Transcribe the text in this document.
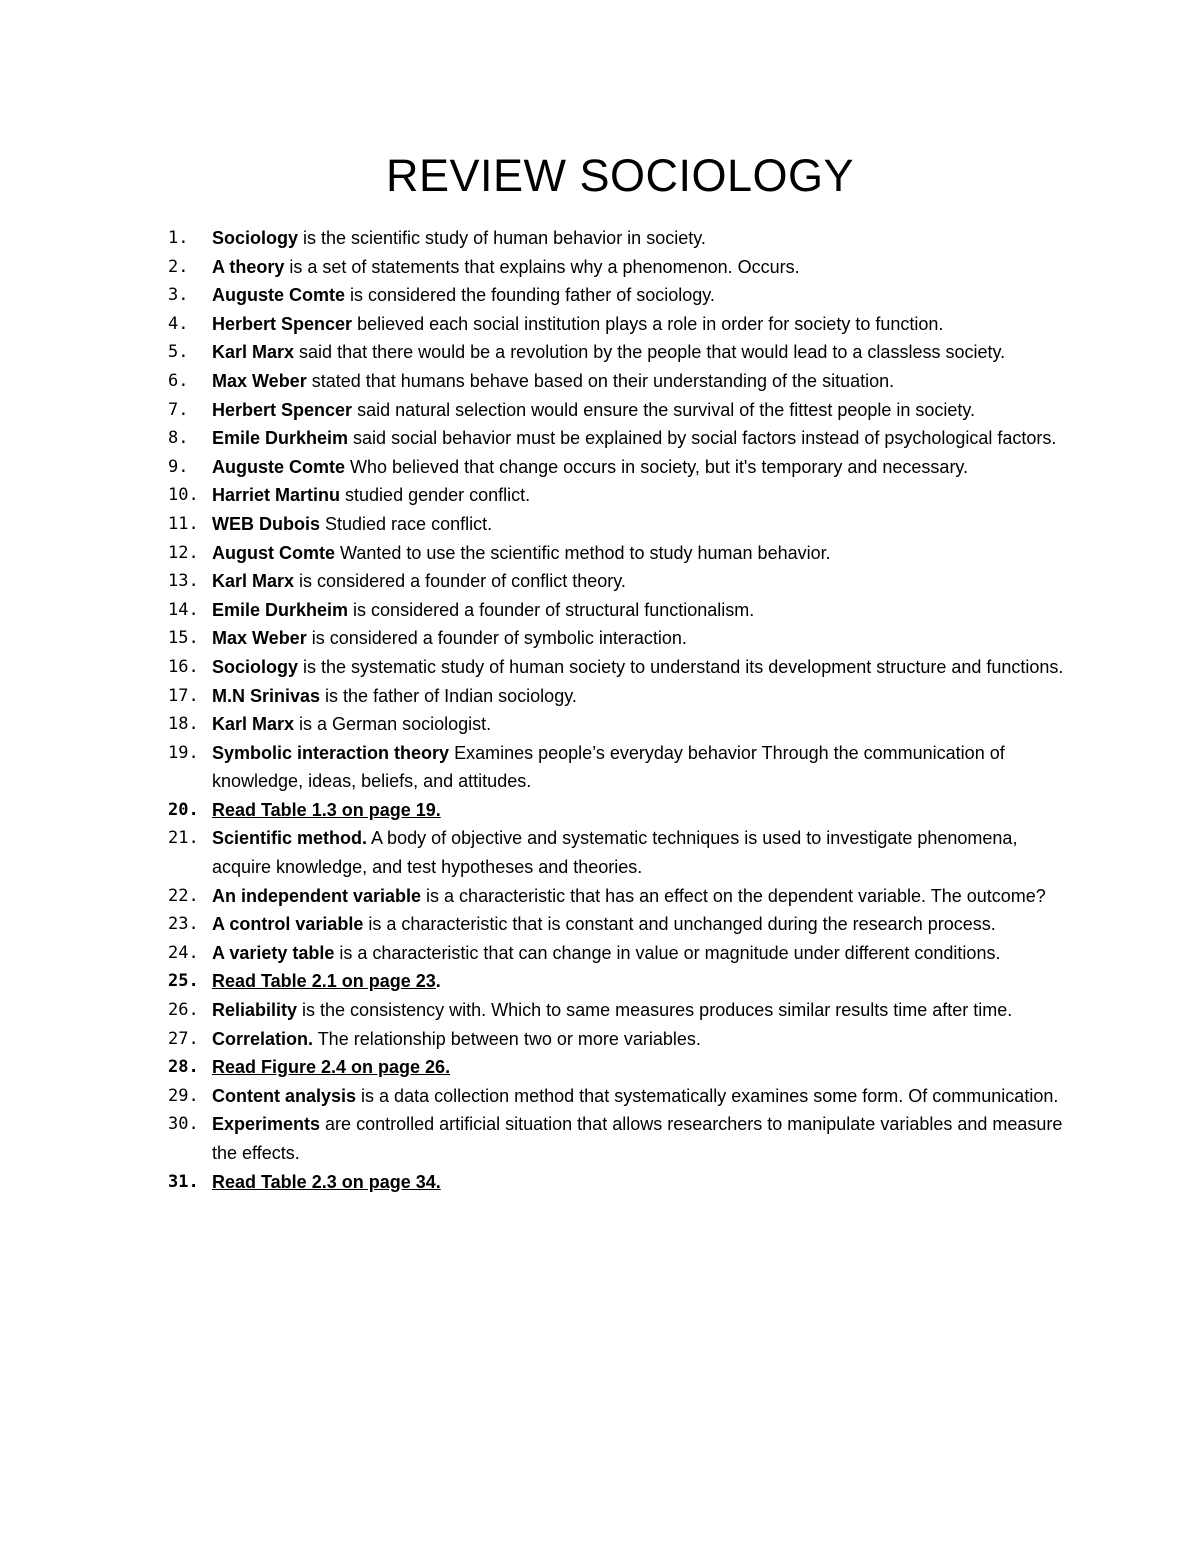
REVIEW SOCIOLOGY
1. Sociology is the scientific study of human behavior in society.
2. A theory is a set of statements that explains why a phenomenon. Occurs.
3. Auguste Comte is considered the founding father of sociology.
4. Herbert Spencer believed each social institution plays a role in order for society to function.
5. Karl Marx said that there would be a revolution by the people that would lead to a classless society.
6. Max Weber stated that humans behave based on their understanding of the situation.
7. Herbert Spencer said natural selection would ensure the survival of the fittest people in society.
8. Emile Durkheim said social behavior must be explained by social factors instead of psychological factors.
9. Auguste Comte Who believed that change occurs in society, but it's temporary and necessary.
10. Harriet Martinu studied gender conflict.
11. WEB Dubois Studied race conflict.
12. August Comte Wanted to use the scientific method to study human behavior.
13. Karl Marx is considered a founder of conflict theory.
14. Emile Durkheim is considered a founder of structural functionalism.
15. Max Weber is considered a founder of symbolic interaction.
16. Sociology is the systematic study of human society to understand its development structure and functions.
17. M.N Srinivas is the father of Indian sociology.
18. Karl Marx is a German sociologist.
19. Symbolic interaction theory Examines people’s everyday behavior Through the communication of knowledge, ideas, beliefs, and attitudes.
20. Read Table 1.3 on page 19.
21. Scientific method. A body of objective and systematic techniques is used to investigate phenomena, acquire knowledge, and test hypotheses and theories.
22. An independent variable is a characteristic that has an effect on the dependent variable. The outcome?
23. A control variable is a characteristic that is constant and unchanged during the research process.
24. A variety table is a characteristic that can change in value or magnitude under different conditions.
25. Read Table 2.1 on page 23.
26. Reliability is the consistency with. Which to same measures produces similar results time after time.
27. Correlation. The relationship between two or more variables.
28. Read Figure 2.4 on page 26.
29. Content analysis is a data collection method that systematically examines some form. Of communication.
30. Experiments are controlled artificial situation that allows researchers to manipulate variables and measure the effects.
31. Read Table 2.3 on page 34.
